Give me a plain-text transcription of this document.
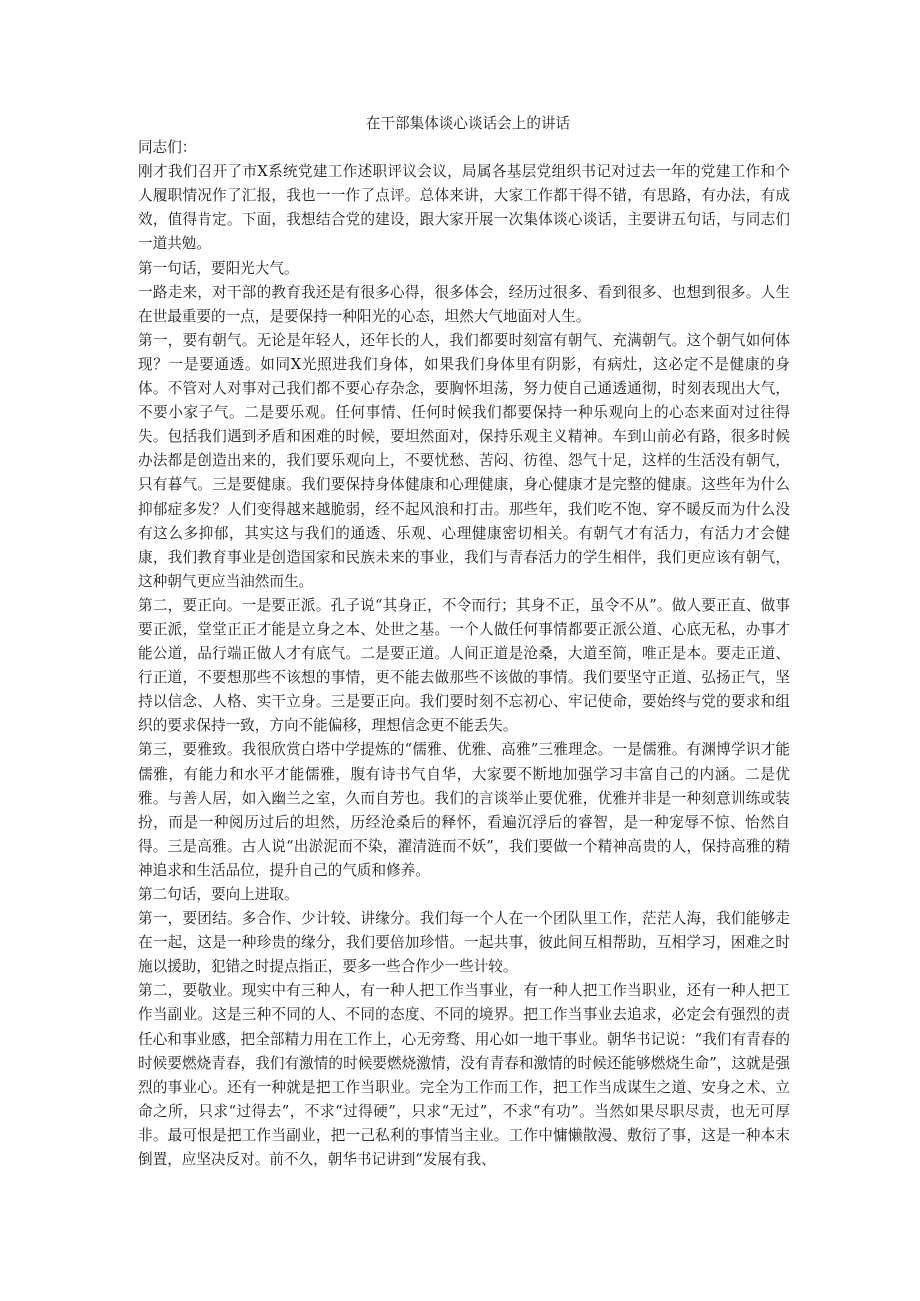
在干部集体谈心谈话会上的讲话

同志们：

刚才我们召开了市X系统党建工作述职评议会议，局属各基层党组织书记对过去一年的党建工作和个人履职情况作了汇报，我也一一作了点评。总体来讲，大家工作都干得不错，有思路，有办法，有成效，值得肯定。下面，我想结合党的建设，跟大家开展一次集体谈心谈话，主要讲五句话，与同志们一道共勉。

第一句话，要阳光大气。

一路走来，对干部的教育我还是有很多心得，很多体会，经历过很多、看到很多、也想到很多。人生在世最重要的一点，是要保持一种阳光的心态，坦然大气地面对人生。

第一，要有朝气。无论是年轻人，还年长的人，我们都要时刻富有朝气、充满朝气。这个朝气如何体现？一是要通透。如同X光照进我们身体，如果我们身体里有阴影，有病灶，这必定不是健康的身体。不管对人对事对己我们都不要心存杂念，要胸怀坦荡，努力使自己通透通彻，时刻表现出大气，不要小家子气。二是要乐观。任何事情、任何时候我们都要保持一种乐观向上的心态来面对过往得失。包括我们遇到矛盾和困难的时候，要坦然面对，保持乐观主义精神。车到山前必有路，很多时候办法都是创造出来的，我们要乐观向上，不要忧愁、苦闷、彷徨、怨气十足，这样的生活没有朝气，只有暮气。三是要健康。我们要保持身体健康和心理健康，身心健康才是完整的健康。这些年为什么抑郁症多发？人们变得越来越脆弱，经不起风浪和打击。那些年，我们吃不饱、穿不暖反而为什么没有这么多抑郁，其实这与我们的通透、乐观、心理健康密切相关。有朝气才有活力，有活力才会健康，我们教育事业是创造国家和民族未来的事业，我们与青春活力的学生相伴，我们更应该有朝气，这种朝气更应当油然而生。

第二，要正向。一是要正派。孔子说“其身正，不令而行；其身不正，虽令不从”。做人要正直、做事要正派，堂堂正正才能是立身之本、处世之基。一个人做任何事情都要正派公道、心底无私，办事才能公道，品行端正做人才有底气。二是要正道。人间正道是沧桑，大道至简，唯正是本。要走正道、行正道，不要想那些不该想的事情，更不能去做那些不该做的事情。我们要坚守正道、弘扬正气，坚持以信念、人格、实干立身。三是要正向。我们要时刻不忘初心、牢记使命，要始终与党的要求和组织的要求保持一致，方向不能偏移，理想信念更不能丢失。

第三，要雅致。我很欣赏白塔中学提炼的“儒雅、优雅、高雅”三雅理念。一是儒雅。有渊博学识才能儒雅，有能力和水平才能儒雅，腹有诗书气自华，大家要不断地加强学习丰富自己的内涵。二是优雅。与善人居，如入幽兰之室，久而自芳也。我们的言谈举止要优雅，优雅并非是一种刻意训练或装扮，而是一种阅历过后的坦然，历经沧桑后的释怀，看遍沉浮后的睿智，是一种宠辱不惊、怡然自得。三是高雅。古人说“出淤泥而不染，濯清涟而不妖”，我们要做一个精神高贵的人，保持高雅的精神追求和生活品位，提升自己的气质和修养。

第二句话，要向上进取。

第一，要团结。多合作、少计较、讲缘分。我们每一个人在一个团队里工作，茫茫人海，我们能够走在一起，这是一种珍贵的缘分，我们要倍加珍惜。一起共事，彼此间互相帮助，互相学习，困难之时施以援助，犯错之时提点指正，要多一些合作少一些计较。

第二，要敬业。现实中有三种人，有一种人把工作当事业，有一种人把工作当职业，还有一种人把工作当副业。这是三种不同的人、不同的态度、不同的境界。把工作当事业去追求，必定会有强烈的责任心和事业感，把全部精力用在工作上，心无旁骛、用心如一地干事业。朝华书记说：“我们有青春的时候要燃烧青春，我们有激情的时候要燃烧激情，没有青春和激情的时候还能够燃烧生命”，这就是强烈的事业心。还有一种就是把工作当职业。完全为工作而工作，把工作当成谋生之道、安身之术、立命之所，只求“过得去”，不求“过得硬”，只求“无过”，不求“有功”。当然如果尽职尽责，也无可厚非。最可恨是把工作当副业，把一己私利的事情当主业。工作中慵懒散漫、敷衍了事，这是一种本末倒置，应坚决反对。前不久，朝华书记讲到“发展有我、
